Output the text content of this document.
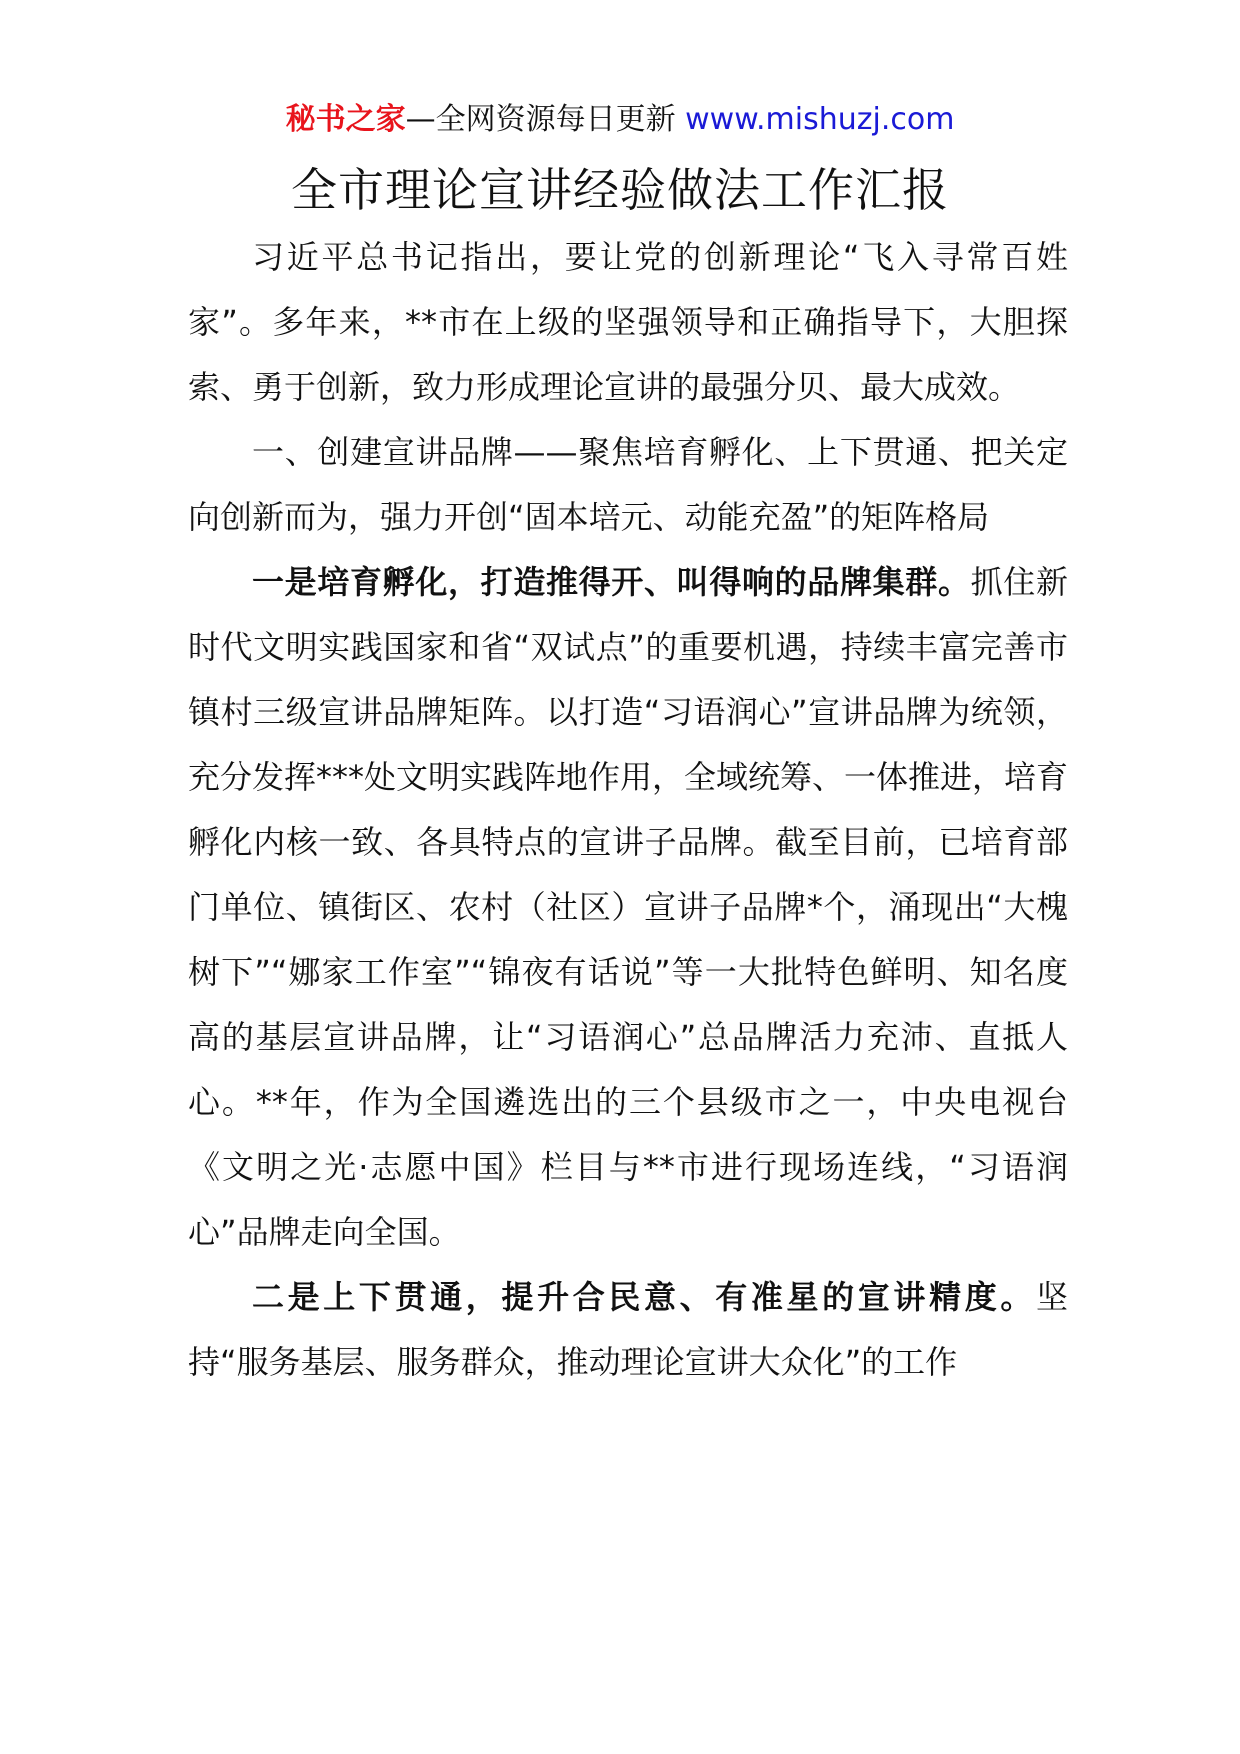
秘书之家—全网资源每日更新 www.mishuzj.com
全市理论宣讲经验做法工作汇报

习近平总书记指出，要让党的创新理论“飞入寻常百姓家”。多年来，**市在上级的坚强领导和正确指导下，大胆探索、勇于创新，致力形成理论宣讲的最强分贝、最大成效。

一、创建宣讲品牌——聚焦培育孵化、上下贯通、把关定向创新而为，强力开创“固本培元、动能充盈”的矩阵格局

一是培育孵化，打造推得开、叫得响的品牌集群。抓住新时代文明实践国家和省“双试点”的重要机遇，持续丰富完善市镇村三级宣讲品牌矩阵。以打造“习语润心”宣讲品牌为统领，充分发挥***处文明实践阵地作用，全域统筹、一体推进，培育孵化内核一致、各具特点的宣讲子品牌。截至目前，已培育部门单位、镇街区、农村（社区）宣讲子品牌*个，涌现出“大槐树下”“娜家工作室”“锦夜有话说”等一大批特色鲜明、知名度高的基层宣讲品牌，让“习语润心”总品牌活力充沛、直抵人心。**年，作为全国遴选出的三个县级市之一，中央电视台《文明之光·志愿中国》栏目与**市进行现场连线，“习语润心”品牌走向全国。

二是上下贯通，提升合民意、有准星的宣讲精度。坚持“服务基层、服务群众，推动理论宣讲大众化”的工作
